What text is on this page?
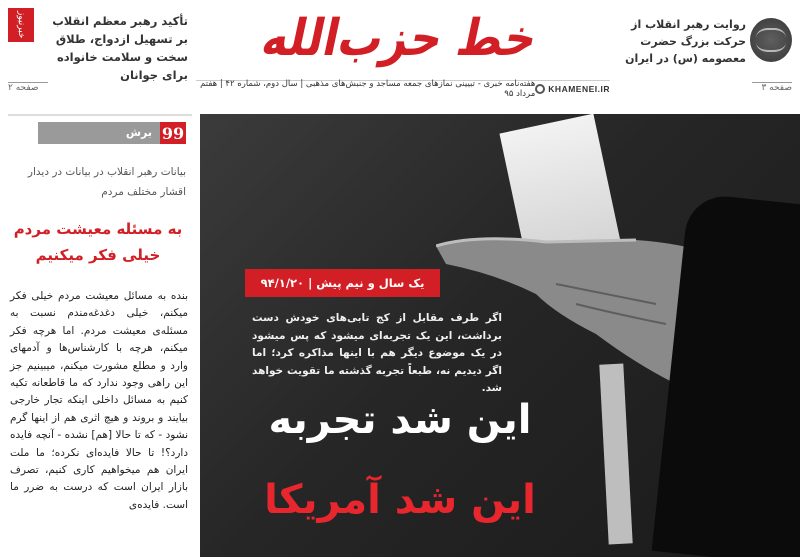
خبرنیوز	تأکید رهبر معظم انقلاب بر تسهیل ازدواج، طلاق سخت و سلامت خانواده برای جوانان
صفحه ۲
خط حزب‌الله
KHAMENEI.IR
هفته‌نامه خبری - تبیینی نمازهای جمعه مساجد و جنبش‌های مذهبی | سال دوم، شماره ۴۲ | هفتم مرداد ۹۵
روایت رهبر انقلاب از حرکت بزرگ حضرت معصومه (س) در ایران
صفحه ۳
99
برش
بیانات رهبر انقلاب در بیانات در دیدار اقشار مختلف مردم
به مسئله معیشت مردم خیلی فکر میکنیم
بنده به مسائل معیشت مردم خیلی فکر میکنم، خیلی دغدغه‌مندم نسبت به مسئله‌ی معیشت مردم. اما هرچه فکر میکنم، هرچه با کارشناس‌ها و آدمهای وارد و مطلع مشورت میکنم، میبینیم جز این راهی وجود ندارد که ما قاطعانه تکیه کنیم به مسائل داخلی اینکه تجار خارجی بیایند و بروند و هیچ اثری هم از اینها گرم نشود - که تا حالا [هم] نشده - آنچه فایده دارد؟! تا حالا فایده‌ای نکرده؛ ما ملت ایران هم میخواهیم کاری کنیم، تصرف بازار ایران است که درست به ضرر ما است. فایده‌ی
یک سال و نیم پیش | ۹۴/۱/۲۰
اگر طرف مقابل از کج تابی‌های خودش دست برداشت، این یک تجربه‌ای میشود که پس میشود در یک موضوع دیگر هم با اینها مذاکره کرد؛ اما اگر دیدیم نه، طبعاً تجربه گذشته ما تقویت خواهد شد.
این شد تجربه
این شد آمریکا
